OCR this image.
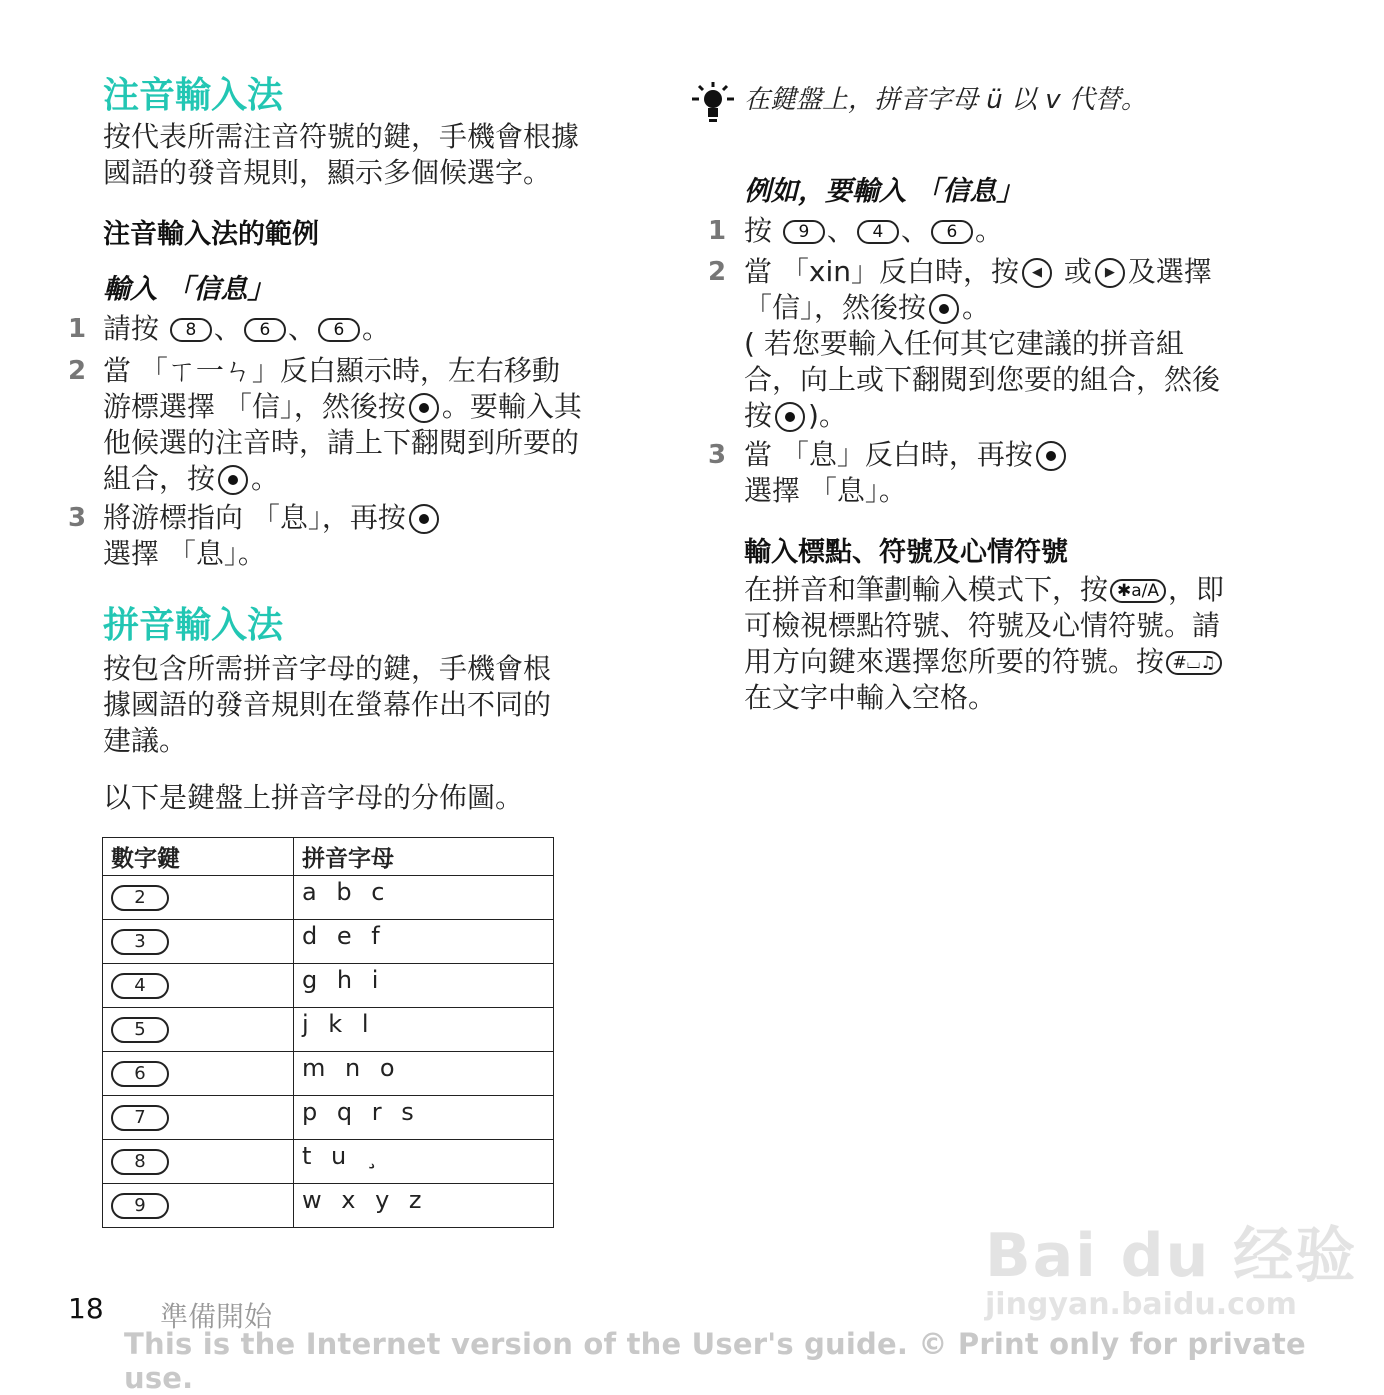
注音輸入法
按代表所需注音符號的鍵，手機會根據
國語的發音規則，顯示多個候選字。
注音輸入法的範例
輸入 「信息」
1 請按 8 、 6 、 6 。
2 當 「ㄒ一ㄣ」反白顯示時，左右移動
游標選擇 「信」，然後按 。要輸入其
他候選的注音時，請上下翻閱到所要的
組合，按 。
3 將游標指向 「息」，再按
選擇 「息」。
拼音輸入法
按包含所需拼音字母的鍵，手機會根
據國語的發音規則在螢幕作出不同的
建議。
以下是鍵盤上拼音字母的分佈圖。
數字鍵	拼音字母
2	a b c
3	d e f
4	g h i
5	j k l
6	m n o
7	p q r s
8	t u ¸
9	w x y z
在鍵盤上，拼音字母 ü 以 v 代替。
例如，要輸入 「信息」
1 按 9 、 4 、 6 。
2 當 「xin」反白時，按 ◀ 或 ▶ 及選擇
「信」，然後按 。
( 若您要輸入任何其它建議的拼音組
合，向上或下翻閱到您要的組合，然後
按 )。
3 當 「息」反白時，再按
選擇 「息」。
輸入標點、符號及心情符號
在拼音和筆劃輸入模式下，按 ✱a/A ，即
可檢視標點符號、符號及心情符號。請
用方向鍵來選擇您所要的符號。按 #⌴♫
在文字中輸入空格。
Bai du 经验
jingyan.baidu.com
18 準備開始
This is the Internet version of the User's guide. © Print only for private use.
